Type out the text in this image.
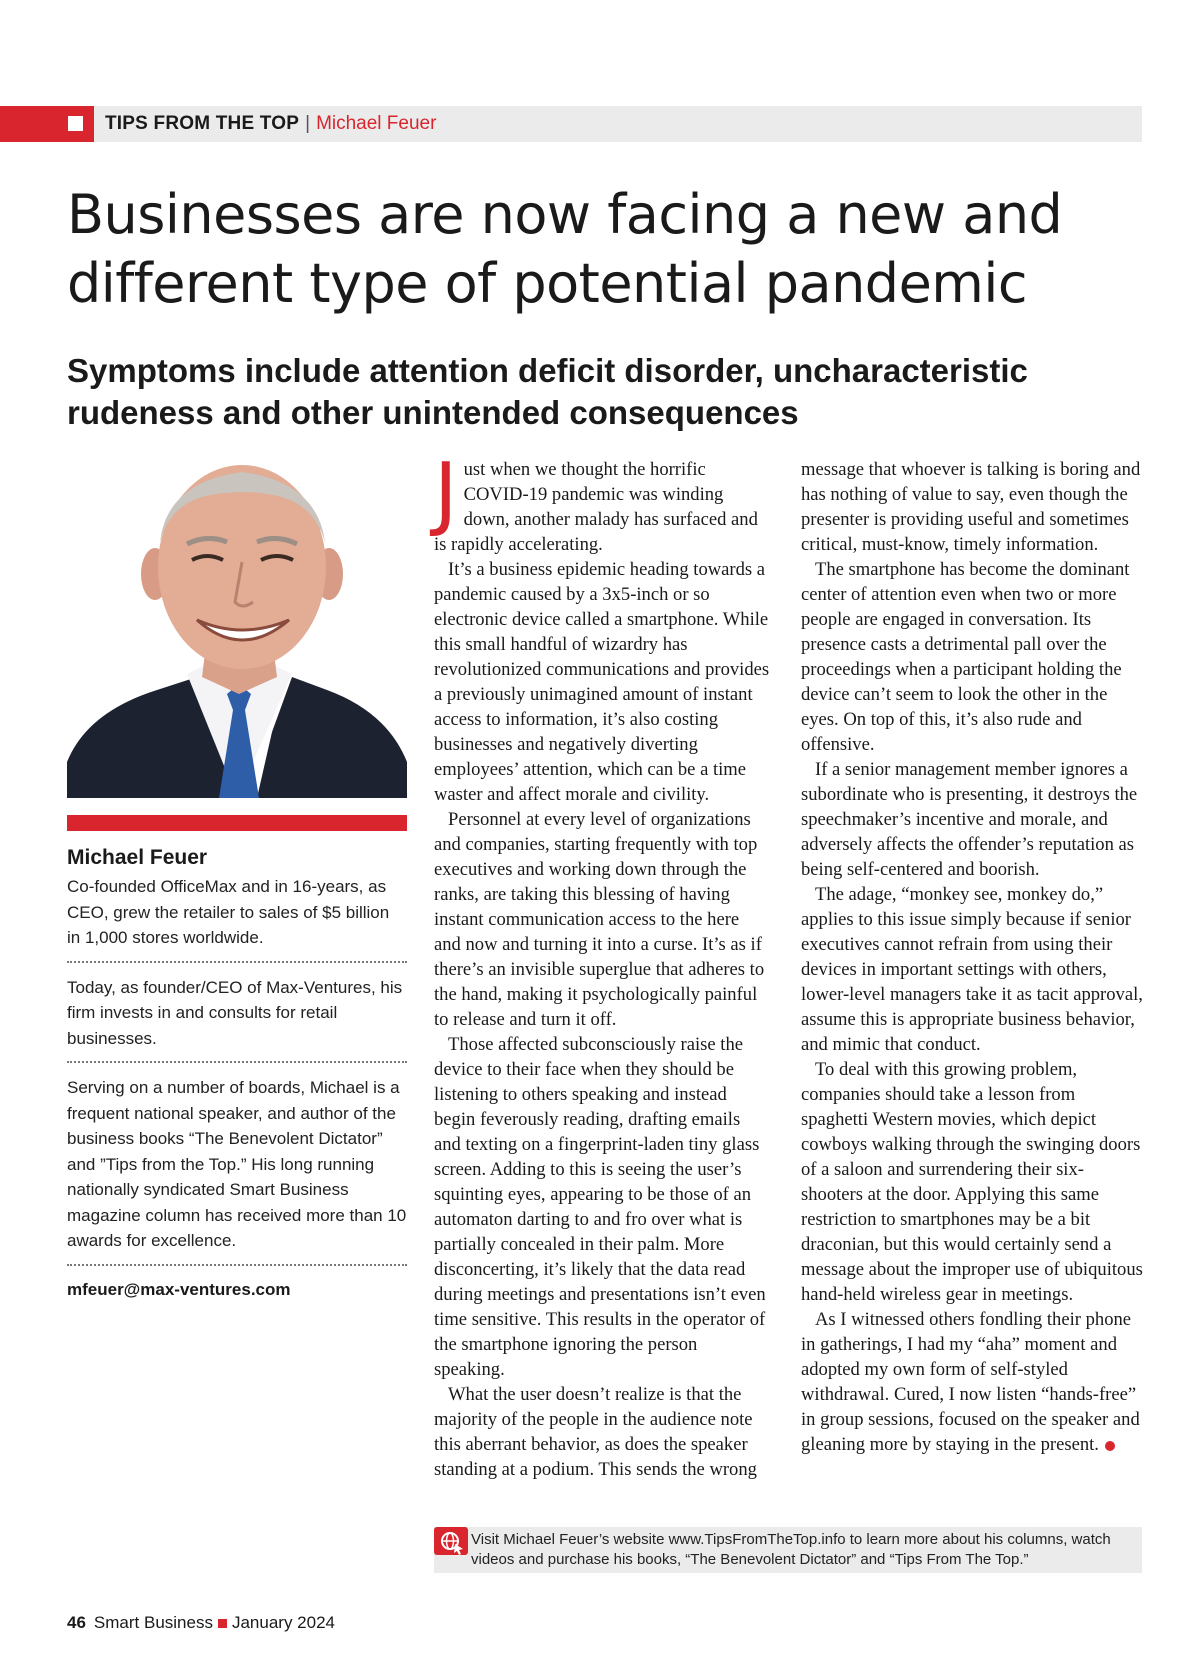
TIPS FROM THE TOP | Michael Feuer
Businesses are now facing a new and different type of potential pandemic
Symptoms include attention deficit disorder, uncharacteristic rudeness and other unintended consequences
Michael Feuer
Co-founded OfficeMax and in 16-years, as CEO, grew the retailer to sales of $5 billion in 1,000 stores worldwide.
Today, as founder/CEO of Max-Ventures, his firm invests in and consults for retail businesses.
Serving on a number of boards, Michael is a frequent national speaker, and author of the business books “The Benevolent Dictator” and ”Tips from the Top.” His long running nationally syndicated Smart Business magazine column has received more than 10 awards for excellence.
mfeuer@max-ventures.com

Just when we thought the horrific COVID-19 pandemic was winding down, another malady has surfaced and is rapidly accelerating.

It’s a business epidemic heading towards a pandemic caused by a 3x5-inch or so electronic device called a smartphone. While this small handful of wizardry has revolutionized communications and provides a previously unimagined amount of instant access to information, it’s also costing businesses and negatively diverting employees’ attention, which can be a time waster and affect morale and civility.

Personnel at every level of organizations and companies, starting frequently with top executives and working down through the ranks, are taking this blessing of having instant communication access to the here and now and turning it into a curse. It’s as if there’s an invisible superglue that adheres to the hand, making it psychologically painful to release and turn it off.

Those affected subconsciously raise the device to their face when they should be listening to others speaking and instead begin feverously reading, drafting emails and texting on a fingerprint-laden tiny glass screen. Adding to this is seeing the user’s squinting eyes, appearing to be those of an automaton darting to and fro over what is partially concealed in their palm. More disconcerting, it’s likely that the data read during meetings and presentations isn’t even time sensitive. This results in the operator of the smartphone ignoring the person speaking.

What the user doesn’t realize is that the majority of the people in the audience note this aberrant behavior, as does the speaker standing at a podium. This sends the wrong

message that whoever is talking is boring and has nothing of value to say, even though the presenter is providing useful and sometimes critical, must-know, timely information.

The smartphone has become the dominant center of attention even when two or more people are engaged in conversation. Its presence casts a detrimental pall over the proceedings when a participant holding the device can’t seem to look the other in the eyes. On top of this, it’s also rude and offensive.

If a senior management member ignores a subordinate who is presenting, it destroys the speechmaker’s incentive and morale, and adversely affects the offender’s reputation as being self-centered and boorish.

The adage, “monkey see, monkey do,” applies to this issue simply because if senior executives cannot refrain from using their devices in important settings with others, lower-level managers take it as tacit approval, assume this is appropriate business behavior, and mimic that conduct.

To deal with this growing problem, companies should take a lesson from spaghetti Western movies, which depict cowboys walking through the swinging doors of a saloon and surrendering their six-shooters at the door. Applying this same restriction to smartphones may be a bit draconian, but this would certainly send a message about the improper use of ubiquitous hand-held wireless gear in meetings.

As I witnessed others fondling their phone in gatherings, I had my “aha” moment and adopted my own form of self-styled withdrawal. Cured, I now listen “hands-free” in group sessions, focused on the speaker and gleaning more by staying in the present.

Visit Michael Feuer’s website www.TipsFromTheTop.info to learn more about his columns, watch videos and purchase his books, “The Benevolent Dictator” and “Tips From The Top.”
46 Smart Business January 2024
